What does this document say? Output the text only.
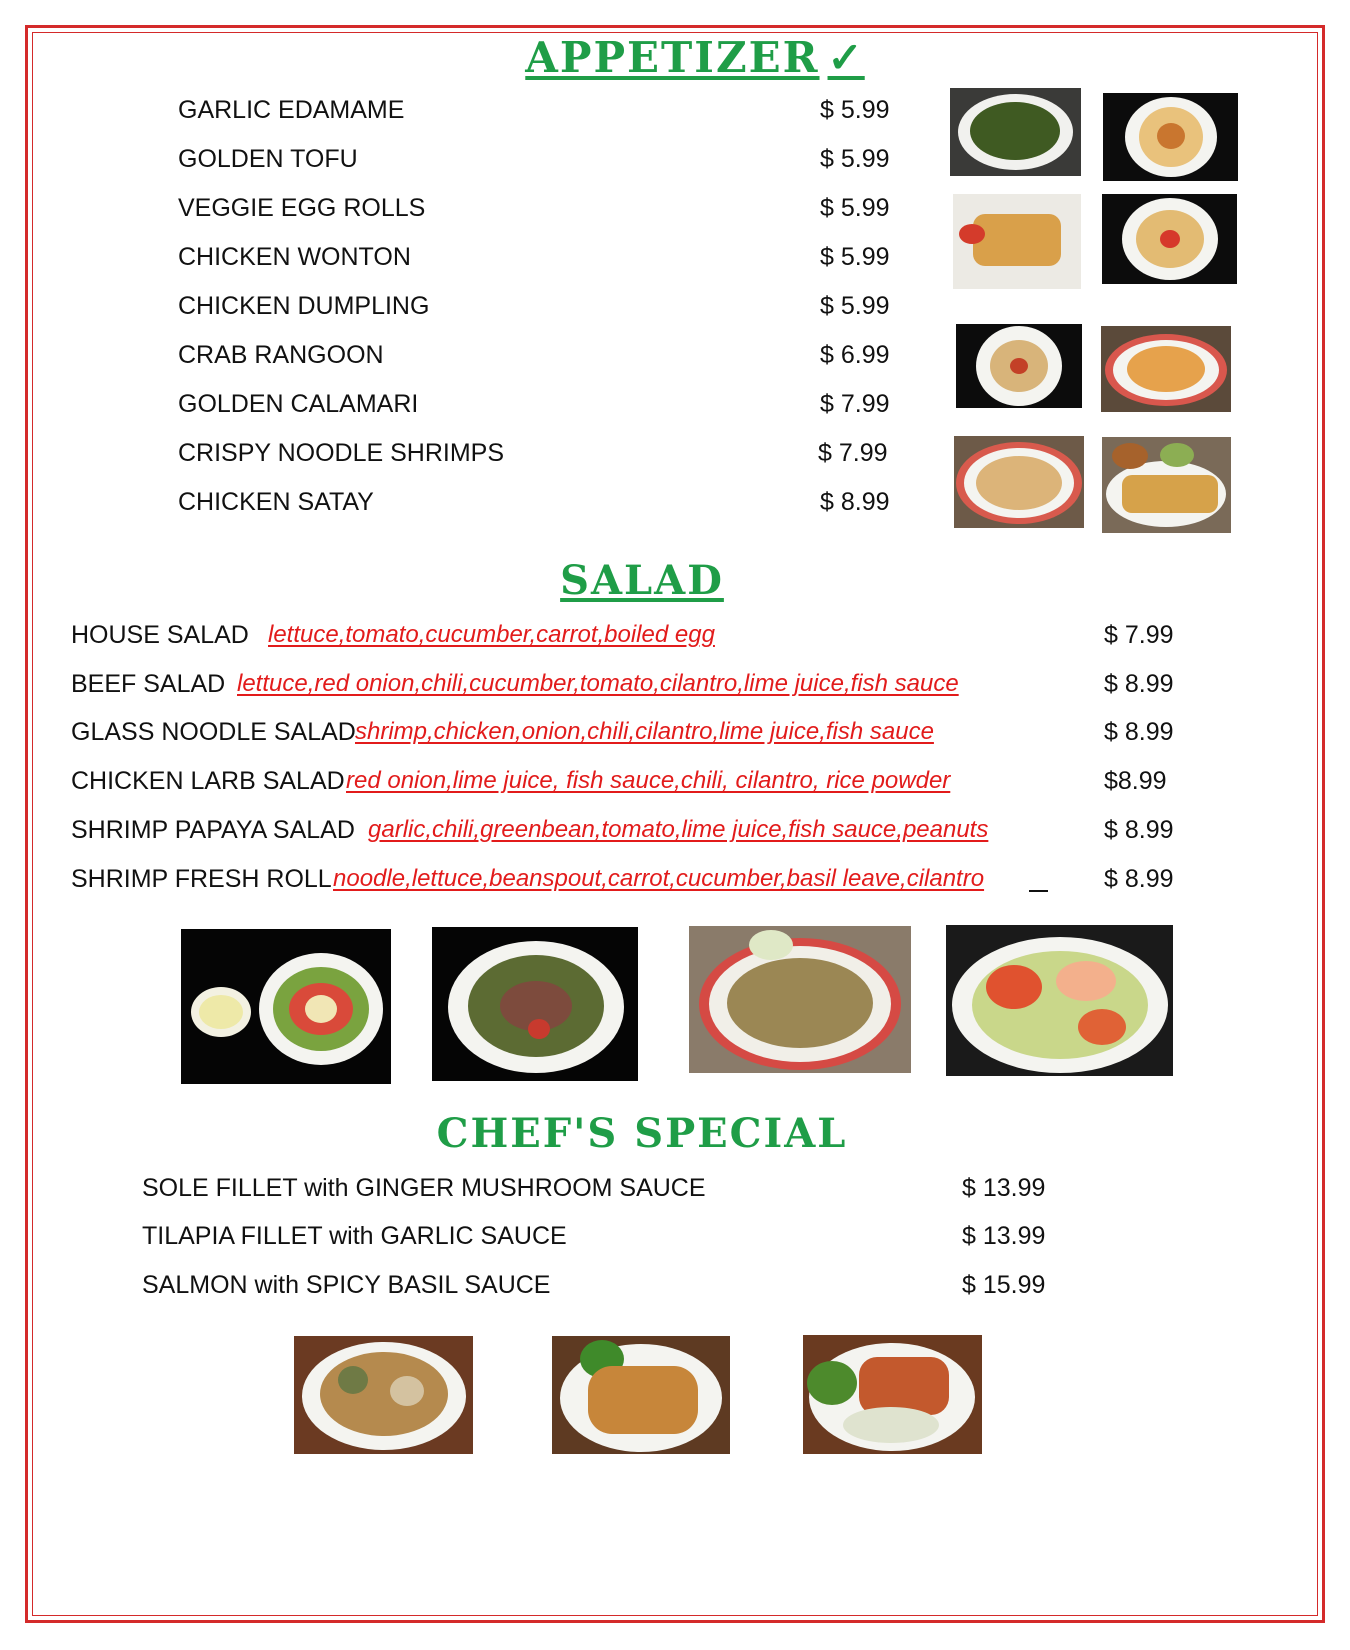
APPETIZER ✓
GARLIC EDAMAME	$ 5.99
GOLDEN TOFU	$ 5.99
VEGGIE EGG ROLLS	$ 5.99
CHICKEN WONTON	$ 5.99
CHICKEN DUMPLING	$ 5.99
CRAB RANGOON	$ 6.99
GOLDEN CALAMARI	$ 7.99
CRISPY NOODLE SHRIMPS	$ 7.99
CHICKEN SATAY	$ 8.99
SALAD
HOUSE SALAD lettuce,tomato,cucumber,carrot,boiled egg	$ 7.99
BEEF SALAD lettuce,red onion,chili,cucumber,tomato,cilantro,lime juice,fish sauce	$ 8.99
GLASS NOODLE SALAD shrimp,chicken,onion,chili,cilantro,lime juice,fish sauce	$ 8.99
CHICKEN LARB SALAD red onion,lime juice, fish sauce,chili, cilantro, rice powder	$8.99
SHRIMP PAPAYA SALAD garlic,chili,greenbean,tomato,lime juice,fish sauce,peanuts	$ 8.99
SHRIMP FRESH ROLL noodle,lettuce,beanspout,carrot,cucumber,basil leave,cilantro	$ 8.99
CHEF'S SPECIAL
SOLE FILLET with GINGER MUSHROOM SAUCE	$ 13.99
TILAPIA FILLET with GARLIC SAUCE	$ 13.99
SALMON with SPICY BASIL SAUCE	$ 15.99
